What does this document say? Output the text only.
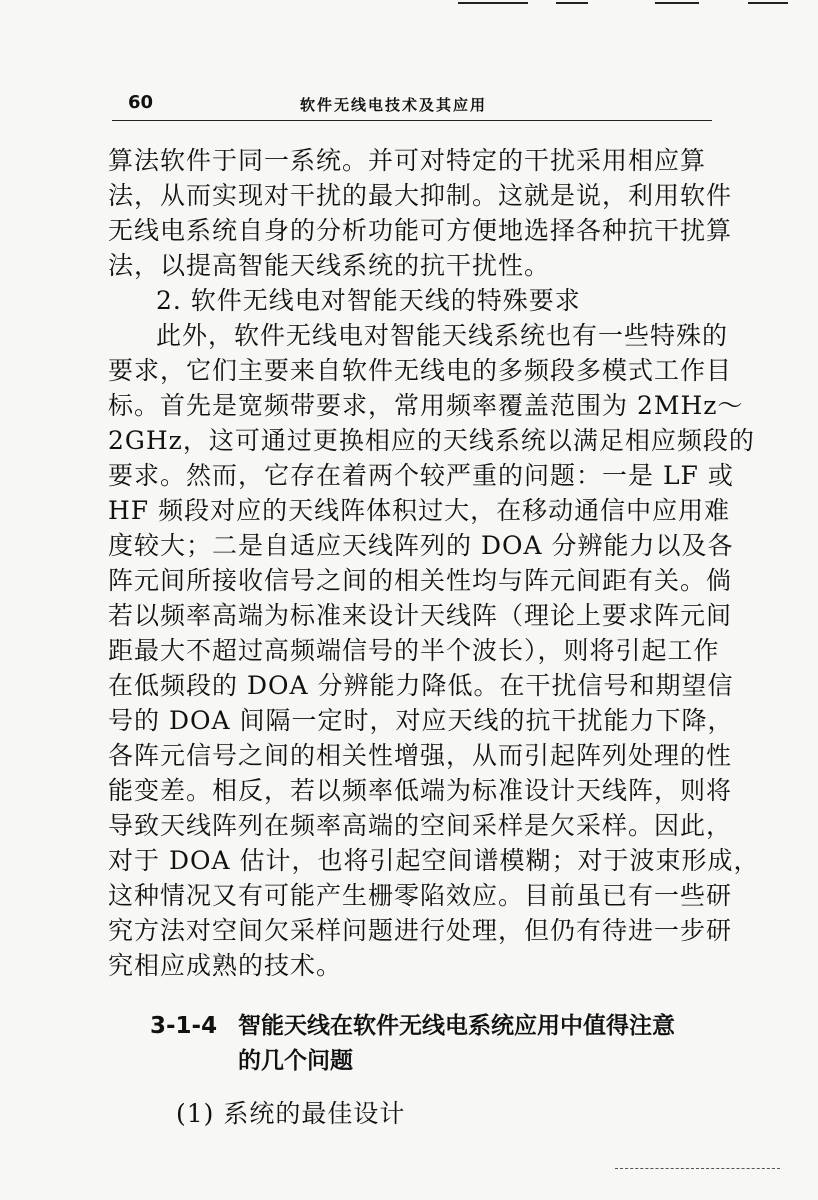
60	软件无线电技术及其应用
算法软件于同一系统。并可对特定的干扰采用相应算
法，从而实现对干扰的最大抑制。这就是说，利用软件
无线电系统自身的分析功能可方便地选择各种抗干扰算
法，以提高智能天线系统的抗干扰性。
2. 软件无线电对智能天线的特殊要求
此外，软件无线电对智能天线系统也有一些特殊的
要求，它们主要来自软件无线电的多频段多模式工作目
标。首先是宽频带要求，常用频率覆盖范围为 2MHz～
2GHz，这可通过更换相应的天线系统以满足相应频段的
要求。然而，它存在着两个较严重的问题：一是 LF 或
HF 频段对应的天线阵体积过大，在移动通信中应用难
度较大；二是自适应天线阵列的 DOA 分辨能力以及各
阵元间所接收信号之间的相关性均与阵元间距有关。倘
若以频率高端为标准来设计天线阵（理论上要求阵元间
距最大不超过高频端信号的半个波长），则将引起工作
在低频段的 DOA 分辨能力降低。在干扰信号和期望信
号的 DOA 间隔一定时，对应天线的抗干扰能力下降，
各阵元信号之间的相关性增强，从而引起阵列处理的性
能变差。相反，若以频率低端为标准设计天线阵，则将
导致天线阵列在频率高端的空间采样是欠采样。因此，
对于 DOA 估计，也将引起空间谱模糊；对于波束形成，
这种情况又有可能产生栅零陷效应。目前虽已有一些研
究方法对空间欠采样问题进行处理，但仍有待进一步研
究相应成熟的技术。
3-1-4 智能天线在软件无线电系统应用中值得注意
的几个问题
(1) 系统的最佳设计
